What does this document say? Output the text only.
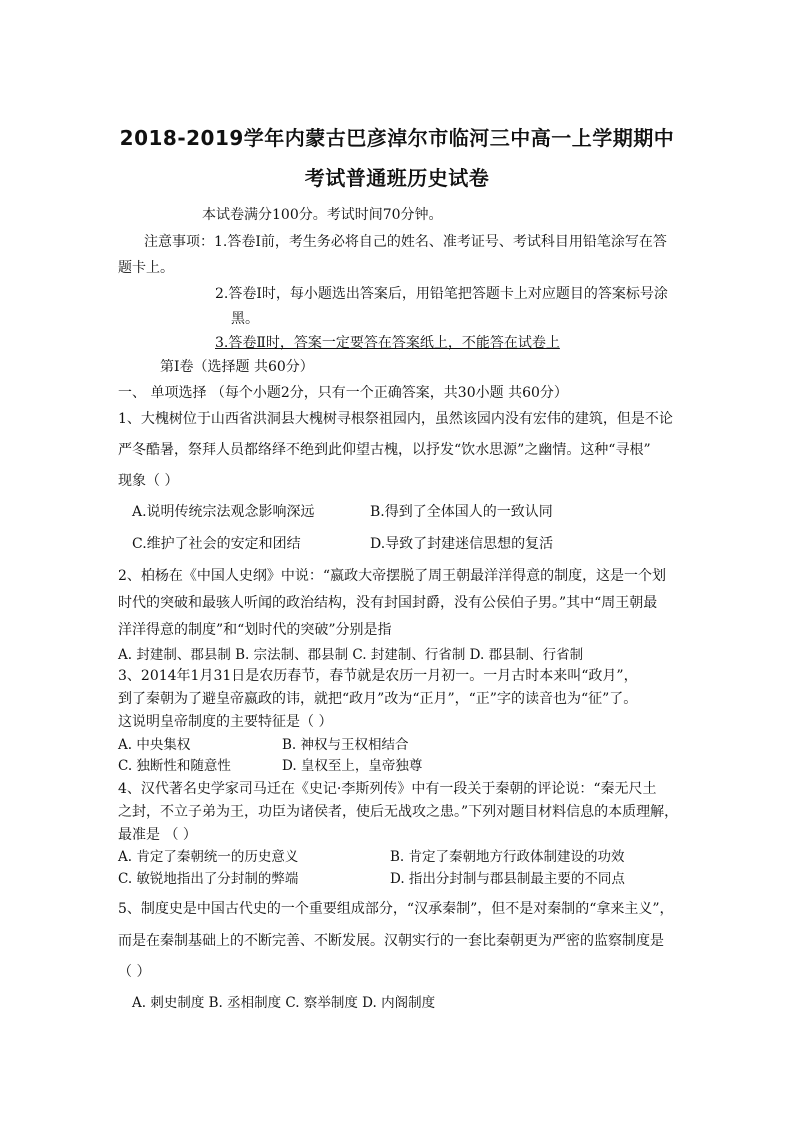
2018-2019学年内蒙古巴彦淖尔市临河三中高一上学期期中
考试普通班历史试卷
本试卷满分100分。考试时间70分钟。
注意事项：1.答卷Ⅰ前，考生务必将自己的姓名、准考证号、考试科目用铅笔涂写在答
题卡上。
2.答卷Ⅰ时，每小题选出答案后，用铅笔把答题卡上对应题目的答案标号涂
黑。
3.答卷Ⅱ时，答案一定要答在答案纸上，不能答在试卷上
第Ⅰ卷（选择题 共60分）
一、 单项选择 （每个小题2分，只有一个正确答案，共30小题 共60分）
1、大槐树位于山西省洪洞县大槐树寻根祭祖园内，虽然该园内没有宏伟的建筑，但是不论
严冬酷暑，祭拜人员都络绎不绝到此仰望古槐，以抒发“饮水思源”之幽情。这种“寻根”
现象（ ）
A.说明传统宗法观念影响深远	B.得到了全体国人的一致认同
C.维护了社会的安定和团结	D.导致了封建迷信思想的复活
2、柏杨在《中国人史纲》中说：“嬴政大帝摆脱了周王朝最洋洋得意的制度，这是一个划
时代的突破和最骇人听闻的政治结构，没有封国封爵，没有公侯伯子男。”其中“周王朝最
洋洋得意的制度”和“划时代的突破”分别是指
A. 封建制、郡县制 B. 宗法制、郡县制 C. 封建制、行省制 D. 郡县制、行省制
3、2014年1月31日是农历春节，春节就是农历一月初一。一月古时本来叫“政月”，
到了秦朝为了避皇帝嬴政的讳，就把“政月”改为“正月”，“正”字的读音也为“征”了。
这说明皇帝制度的主要特征是（ ）
A. 中央集权	B. 神权与王权相结合
C. 独断性和随意性	D. 皇权至上，皇帝独尊
4、汉代著名史学家司马迁在《史记·李斯列传》中有一段关于秦朝的评论说：“秦无尺土
之封，不立子弟为王，功臣为诸侯者，使后无战攻之患。”下列对题目材料信息的本质理解，
最准是 （ ）
A. 肯定了秦朝统一的历史意义	B. 肯定了秦朝地方行政体制建设的功效
C. 敏锐地指出了分封制的弊端	D. 指出分封制与郡县制最主要的不同点
5、制度史是中国古代史的一个重要组成部分，“汉承秦制”，但不是对秦制的“拿来主义”，
而是在秦制基础上的不断完善、不断发展。汉朝实行的一套比秦朝更为严密的监察制度是
（ ）
A. 刺史制度 B. 丞相制度 C. 察举制度 D. 内阁制度
